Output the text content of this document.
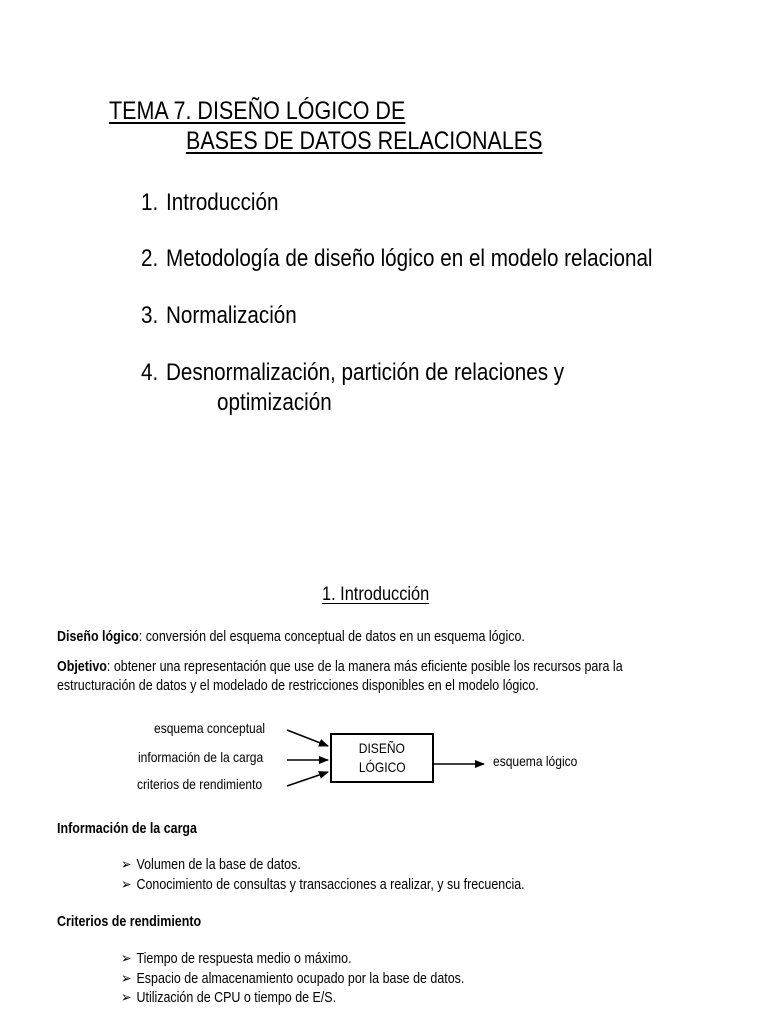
TEMA 7. DISEÑO LÓGICO DE
BASES DE DATOS RELACIONALES
1. Introducción
2. Metodología de diseño lógico en el modelo relacional
3. Normalización
4. Desnormalización, partición de relaciones y
optimización
1. Introducción
Diseño lógico: conversión del esquema conceptual de datos en un esquema lógico.
Objetivo: obtener una representación que use de la manera más eficiente posible los recursos para la
estructuración de datos y el modelado de restricciones disponibles en el modelo lógico.
esquema conceptual
información de la carga
criterios de rendimiento
DISEÑO
LÓGICO	esquema lógico
Información de la carga
➢ Volumen de la base de datos.
➢ Conocimiento de consultas y transacciones a realizar, y su frecuencia.
Criterios de rendimiento
➢ Tiempo de respuesta medio o máximo.
➢ Espacio de almacenamiento ocupado por la base de datos.
➢ Utilización de CPU o tiempo de E/S.
